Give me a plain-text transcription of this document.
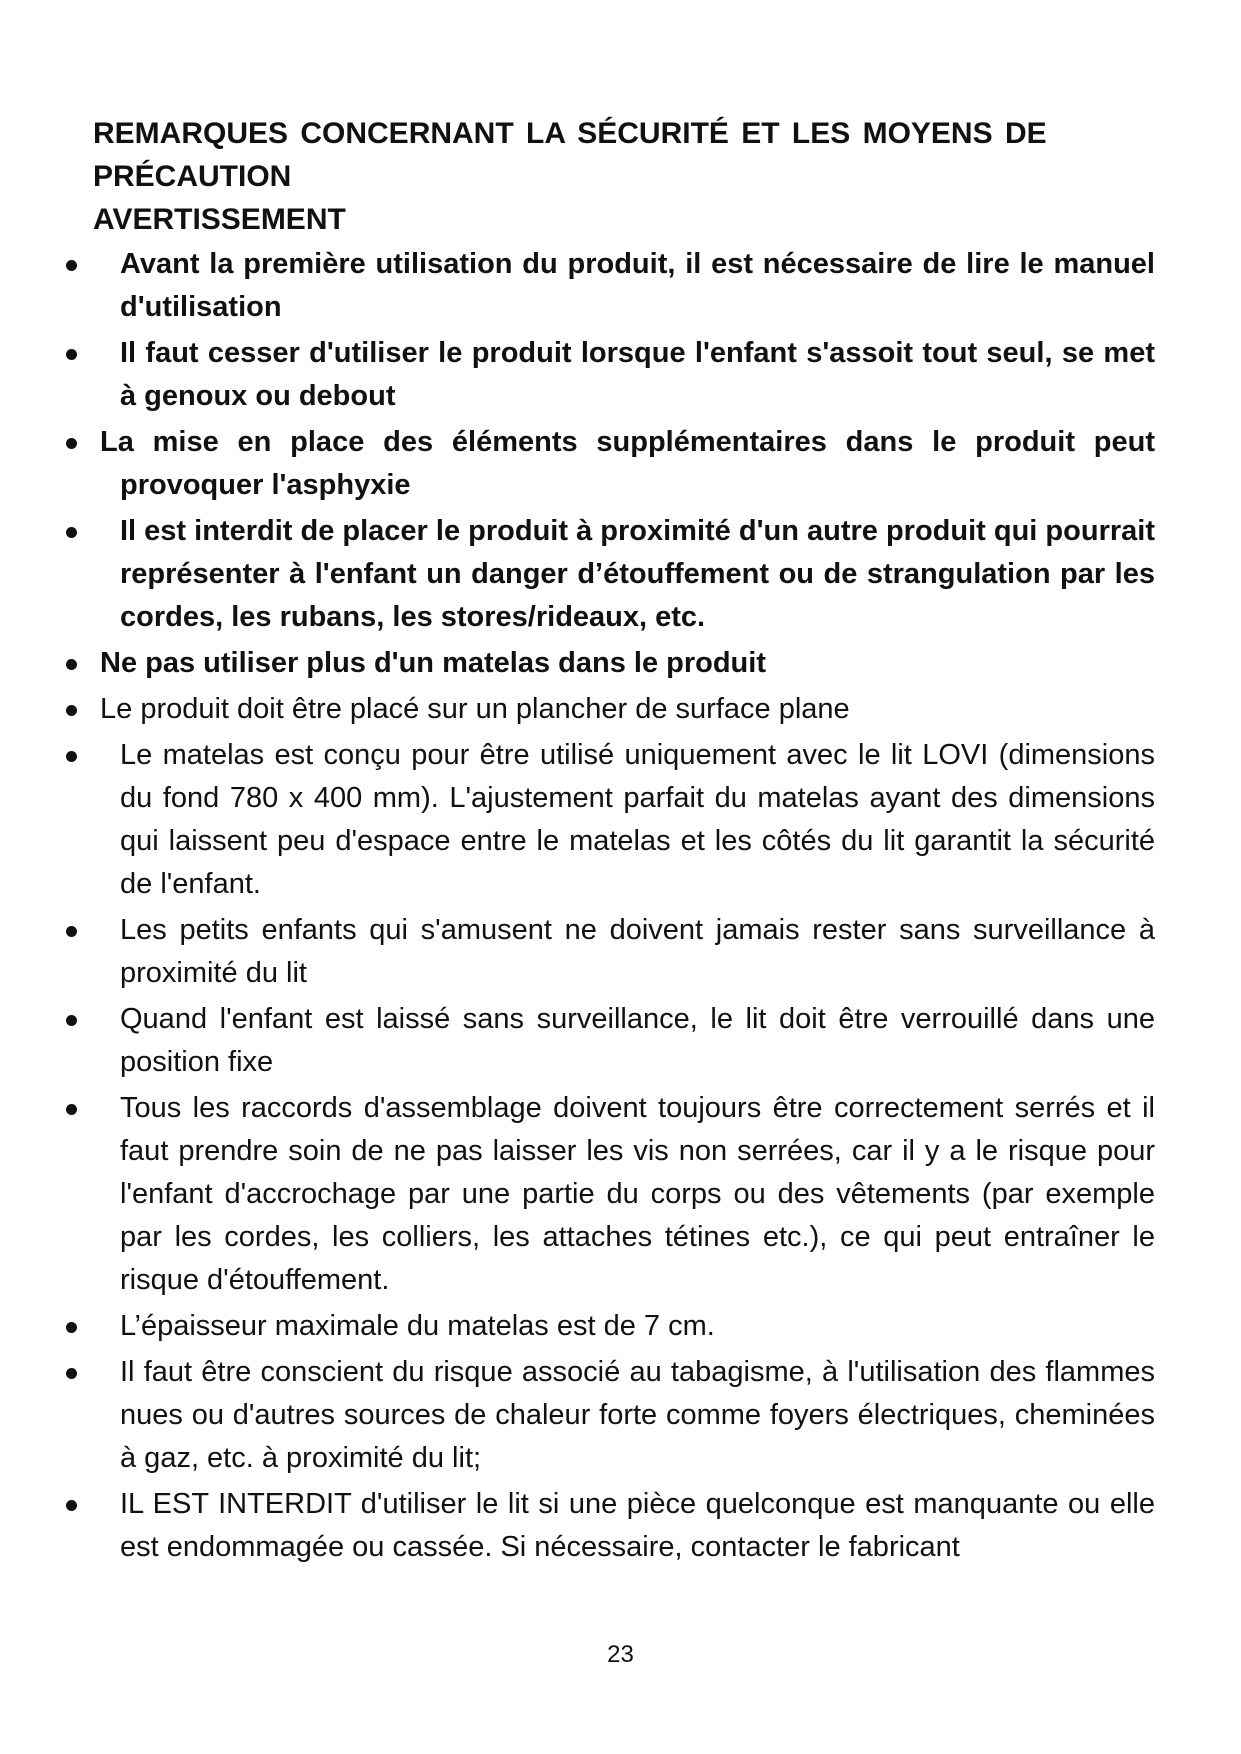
REMARQUES CONCERNANT LA SÉCURITÉ ET LES MOYENS DE PRÉCAUTION

AVERTISSEMENT

Avant la première utilisation du produit, il est nécessaire de lire le manuel d'utilisation
Il faut cesser d'utiliser le produit lorsque l'enfant s'assoit tout seul, se met à genoux ou debout
La mise en place des éléments supplémentaires dans le produit peut provoquer l'asphyxie
Il est interdit de placer le produit à proximité d'un autre produit qui pourrait représenter à l'enfant un danger d’étouffement ou de strangulation par les cordes, les rubans, les stores/rideaux, etc.
Ne pas utiliser plus d'un matelas dans le produit
Le produit doit être placé sur un plancher de surface plane
Le matelas est conçu pour être utilisé uniquement avec le lit LOVI (dimensions du fond 780 x 400 mm). L'ajustement parfait du matelas ayant des dimensions qui laissent peu d'espace entre le matelas et les côtés du lit garantit la sécurité de l'enfant.
Les petits enfants qui s'amusent ne doivent jamais rester sans surveillance à proximité du lit
Quand l'enfant est laissé sans surveillance, le lit doit être verrouillé dans une position fixe
Tous les raccords d'assemblage doivent toujours être correctement serrés et il faut prendre soin de ne pas laisser les vis non serrées, car il y a le risque pour l'enfant d'accrochage par une partie du corps ou des vêtements (par exemple par les cordes, les colliers, les attaches tétines etc.), ce qui peut entraîner le risque d'étouffement.
L’épaisseur maximale du matelas est de 7 cm.
Il faut être conscient du risque associé au tabagisme, à l'utilisation des flammes nues ou d'autres sources de chaleur forte comme foyers électriques, cheminées à gaz, etc. à proximité du lit;
IL EST INTERDIT d'utiliser le lit si une pièce quelconque est manquante ou elle est endommagée ou cassée. Si nécessaire, contacter le fabricant
23
